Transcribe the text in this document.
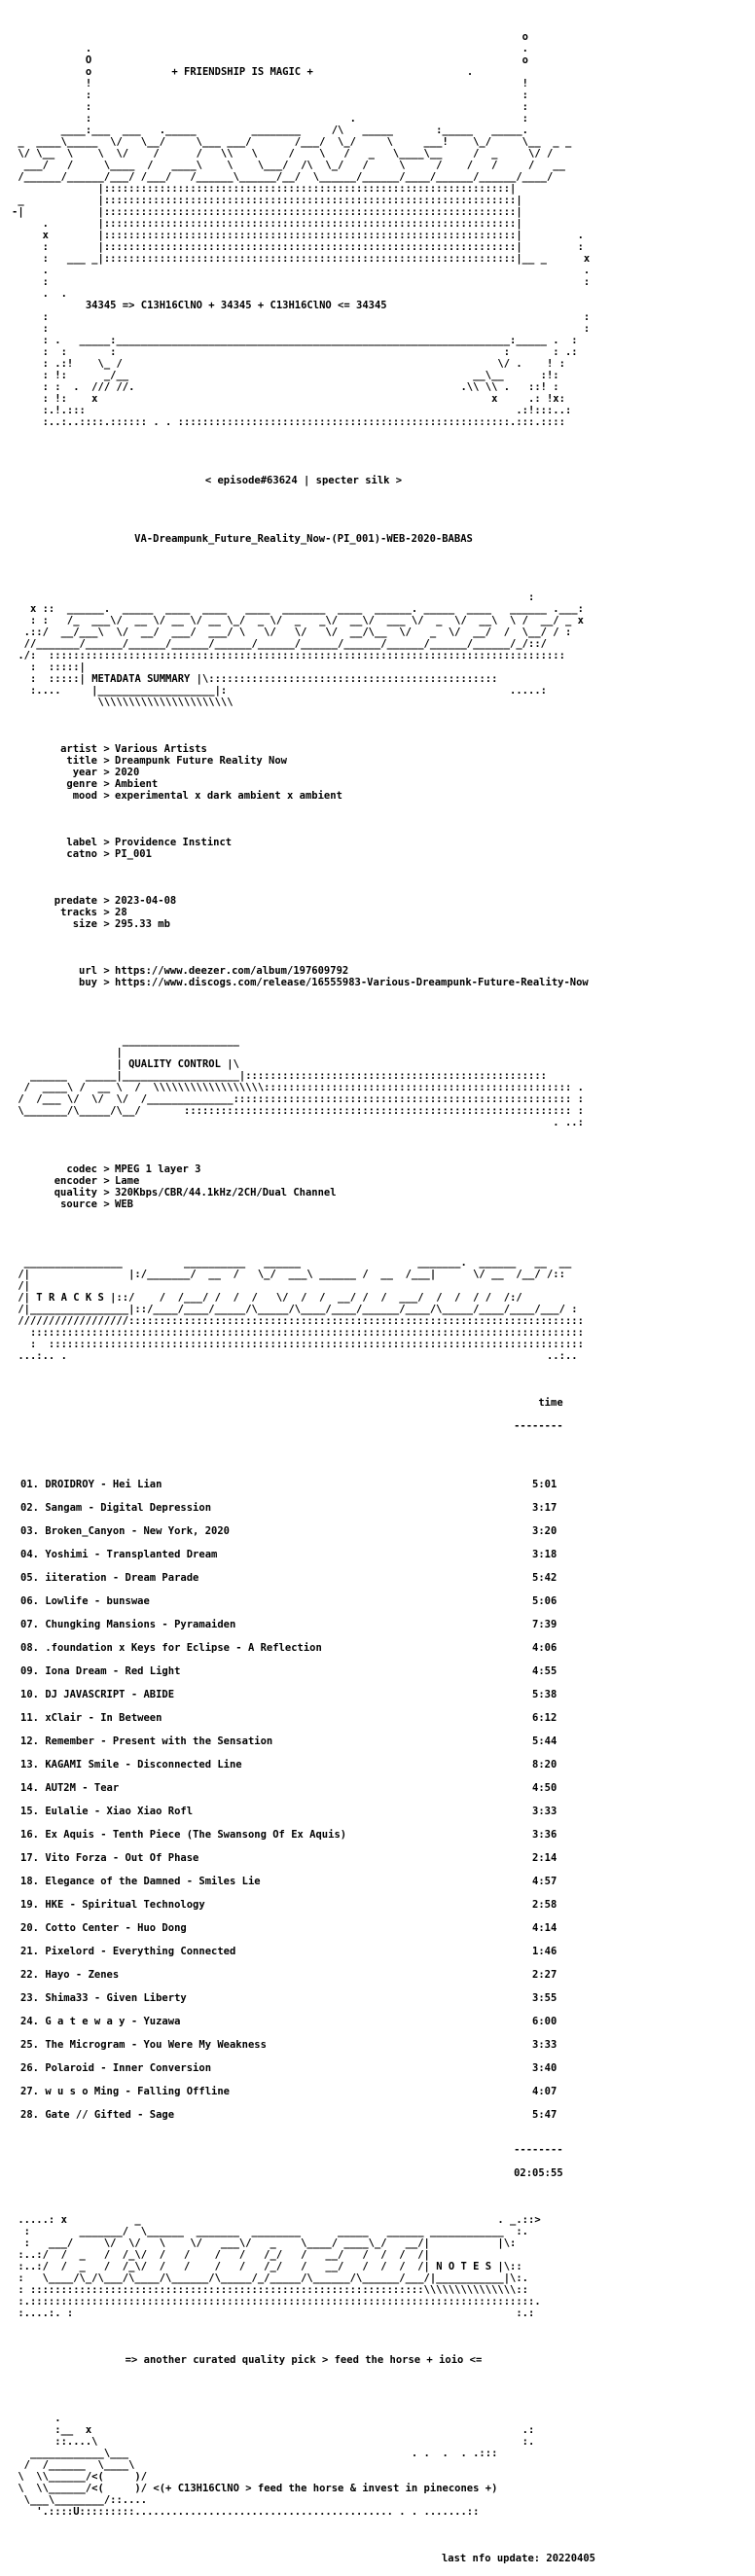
o
.                                                                      .
O                                                                      o
o	+ FRIENDSHIP IS MAGIC +	.
!                                                                      !
:                                                                      :
:                                                                      :
:                                          .                           :
____:___  ___   ._____         ________     /\   _____       :_____   _____.
_  ____\_____  \/   \__/     \___ ___/       /___/  \_/     \     ___!    \_/     \__  _ _
\/ \__  \    \  \/    /      /   \\   \     /    \   /   _   \____\__     /  _     \/ /
___/   /     \____  /   ____\    \    \___/  /\  \_/   /     \     /    /   /     /   __
/______/______/___/ /___/   /______\______/__/  \______/______/____/______/______/____/
|::::::::::::::::::::::::::::::::::::::::::::::::::::::::::::::::::|
_            |:::::::::::::::::::::::::::::::::::::::::::::::::::::::::::::::::::|
-|            |:::::::::::::::::::::::::::::::::::::::::::::::::::::::::::::::::::|
.        |:::::::::::::::::::::::::::::::::::::::::::::::::::::::::::::::::::|
x        |:::::::::::::::::::::::::::::::::::::::::::::::::::::::::::::::::::|         .
:        |:::::::::::::::::::::::::::::::::::::::::::::::::::::::::::::::::::|         :
:   ___ _|:::::::::::::::::::::::::::::::::::::::::::::::::::::::::::::::::::|__ _      x
.                                                                                       .
:                                                                                       :
.  .
34345 => C13H16ClNO + 34345 + C13H16ClNO <= 34345
:                                                                                       :
:                                                                                       :
: .   _____:________________________________________________________________:_____ .  :
:  :       :                                                               :       : .:
: .:!    \_ /                                                             \/ .    ! :
: !:      _/__                                                        __\__      :!:
: :  .  /// //.                                                     .\\ \\ .   ::! :
: !:    x                                                                x     .: !x:
:.!.:::                                                                      .:!:::..:
:..:..::::.:::::: . . ::::::::::::::::::::::::::::::::::::::::::::::::::::::.:::.::::

< episode#63624 | specter silk >

VA-Dreampunk_Future_Reality_Now-(PI_001)-WEB-2020-BABAS

:
x ::  ______.  _____  ____  ____   ____  _______  ____  ______. _____  ____   ______ .___:
: :   /_  ___\/  __ \/ __ \/ __ \_/  _ \/  _   _\/  __\/  ___ \/  _  \/  __\  \ /  __/ _ x
.::/  __/___\  \/  __/  ___/  ___/ \   \/   \/   \/  __/\__  \/   _  \/  __/  /  \__/ / :
//_______/______/______/______/______/______/______/______/______/______/______/_/::/
./:  ::::::::::::::::::::::::::::::::::::::::::::::::::::::::::::::::::::::::::::::::::::
:  :::::|
:  :::::| METADATA SUMMARY |\:::::::::::::::::::::::::::::::::::::::::::::::
:....     |___________________|:                                              .....:
\\\\\\\\\\\\\\\\\\\\\\

artist > Various Artists
title > Dreampunk Future Reality Now
year > 2020
genre > Ambient
mood > experimental x dark ambient x ambient

label > Providence Instinct
catno > PI_001

predate > 2023-04-08
tracks > 28
size > 295.33 mb

url > https://www.deezer.com/album/197609792
buy > https://www.discogs.com/release/16555983-Various-Dreampunk-Future-Reality-Now

___________________
|
| QUALITY CONTROL |\
______   _____|___________________|:::::::::::::::::::::::::::::::::::::::::::::::::
/  ____\ /  __ \  /  \\\\\\\\\\\\\\\\\\:::::::::::::::::::::::::::::::::::::::::::::::::: .
/  /___ \/  \/  \/  /______________::::::::::::::::::::::::::::::::::::::::::::::::::::::: :
\_______/\_____/\__/       ::::::::::::::::::::::::::::::::::::::::::::::::::::::::::::::: :
. ..:

codec > MPEG 1 layer 3
encoder > Lame
quality > 320Kbps/CBR/44.1kHz/2CH/Dual Channel
source > WEB

________________          __________   ______                   _______.  ______   __  __
/|                |:/_______/  __  /   \_/  ___\ ______ /  __  /___|      \/ __  /__/ /::
/|
/| T R A C K S |::/    /  /___/ /  /  /   \/  /  /  __/ /  /  ___/  /  /  / /  /:/
/|________________|::/____/____/_____/\_____/\____/____/______/____/\_____/____/____/___/ :
//////////////////::::::::::::::::::::::::::::::::::::::::::::::::::::::::::::::::::::::::::
::::::::::::::::::::::::::::::::::::::::::::::::::::::::::::::::::::::::::::::::::::::::::
:  :::::::::::::::::::::::::::::::::::::::::::::::::::::::::::::::::::::::::::::::::::::::
...:.. .                                                                              ..:..

time

--------

01. DROIDROY - Hei Lian	5:01

02. Sangam - Digital Depression	3:17

03. Broken_Canyon - New York, 2020	3:20

04. Yoshimi - Transplanted Dream	3:18

05. iiteration - Dream Parade	5:42

06. Lowlife - bunswae	5:06

07. Chungking Mansions - Pyramaiden	7:39

08. .foundation x Keys for Eclipse - A Reflection	4:06

09. Iona Dream - Red Light	4:55

10. DJ JAVASCRIPT - ABIDE	5:38

11. xClair - In Between	6:12

12. Remember - Present with the Sensation	5:44

13. KAGAMI Smile - Disconnected Line	8:20

14. AUT2M - Tear	4:50

15. Eulalie - Xiao Xiao Rofl	3:33

16. Ex Aquis - Tenth Piece (The Swansong Of Ex Aquis)	3:36

17. Vito Forza - Out Of Phase	2:14

18. Elegance of the Damned - Smiles Lie	4:57

19. HKE - Spiritual Technology	2:58

20. Cotto Center - Huo Dong	4:14

21. Pixelord - Everything Connected	1:46

22. Hayo - Zenes	2:27

23. Shima33 - Given Liberty	3:55

24. G a t e w a y - Yuzawa	6:00

25. The Microgram - You Were My Weakness	3:33

26. Polaroid - Inner Conversion	3:40

27. w u s o Ming - Falling Offline	4:07

28. Gate // Gifted - Sage	5:47

--------

02:05:55

.....: x           _                                                          . _.::>
:        _______/  \______  _______  ________      _____   ______ ____________  :.
:   ___/     \/  \/   \    \/   ___\/   _    \____/ ____\_/   __/|           |\:
:..:/  /  _   /  /_\/  /   /    /   /   /_/   /   __/   /  /  /  /|
:..:/  /  _   /  /_\/  /   /    /   /   /_/   /   __/   /  /  /  /| N O T E S |\::
:   \____/\_/\___/\____/\______/\_____/_/_____/\______/\______/___/|___________|\:.
: ::::::::::::::::::::::::::::::::::::::::::::::::::::::::::::::::\\\\\\\\\\\\\\\::
:.::::::::::::::::::::::::::::::::::::::::::::::::::::::::::::::::::::::::::::::::::.
:....:. :                                                                        :.:

=> another curated quality pick > feed the horse + ioio <=

.
:__  x                                                                      .:
::....\                                                                     :.
____________\___                                              . .  .  . .:::
/  /______  \____\
\  \\______/<(     )/
\  \\______/<(     )/ <(+ C13H16ClNO > feed the horse & invest in pinecones +)
\___\________/::....
'.::::U:::::::::.......................................... . . .......::

last nfo update: 20220405
